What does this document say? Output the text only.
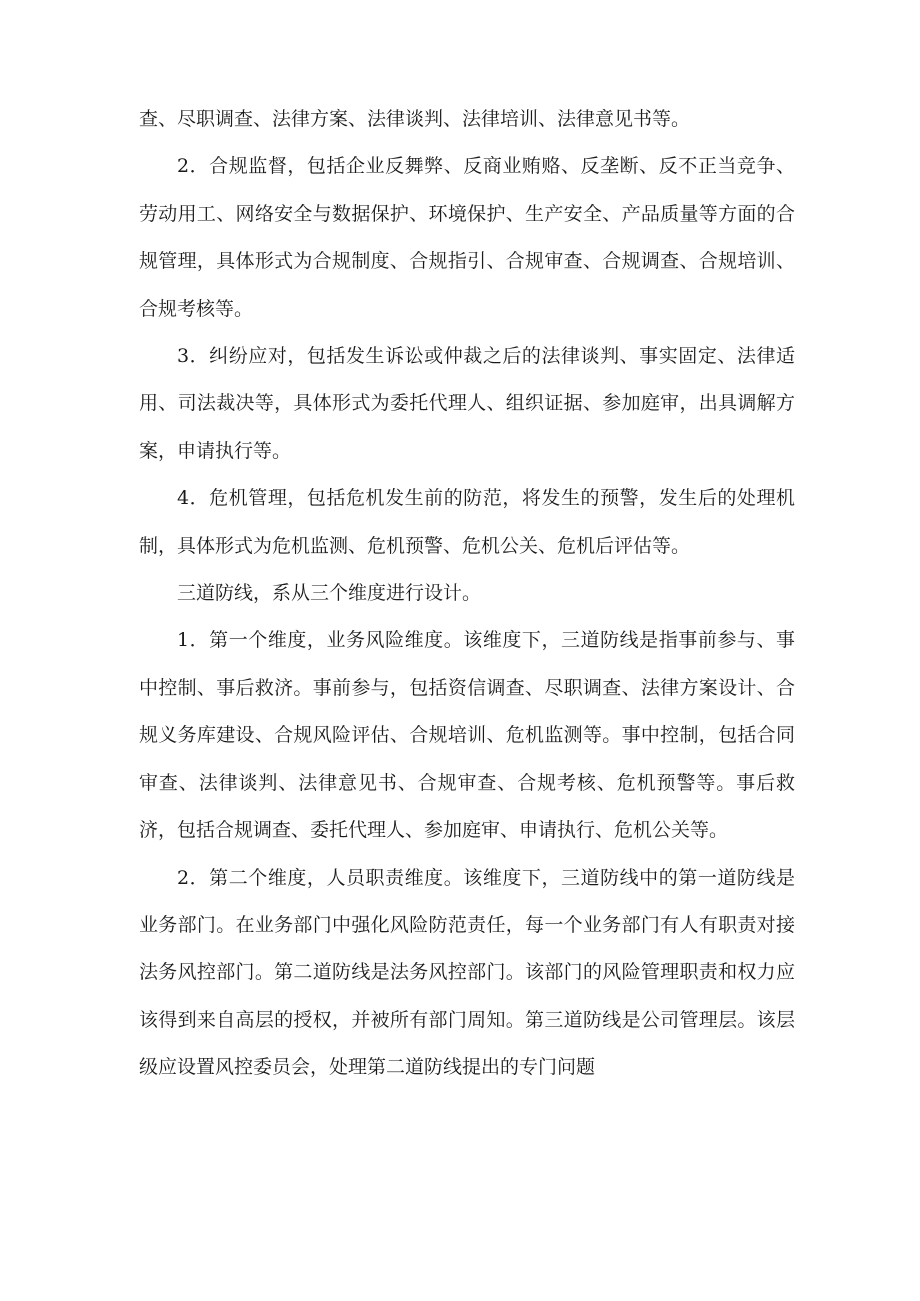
查、尽职调查、法律方案、法律谈判、法律培训、法律意见书等。

2．合规监督，包括企业反舞弊、反商业贿赂、反垄断、反不正当竞争、劳动用工、网络安全与数据保护、环境保护、生产安全、产品质量等方面的合规管理，具体形式为合规制度、合规指引、合规审查、合规调查、合规培训、合规考核等。

3．纠纷应对，包括发生诉讼或仲裁之后的法律谈判、事实固定、法律适用、司法裁决等，具体形式为委托代理人、组织证据、参加庭审，出具调解方案，申请执行等。

4．危机管理，包括危机发生前的防范，将发生的预警，发生后的处理机制，具体形式为危机监测、危机预警、危机公关、危机后评估等。

三道防线，系从三个维度进行设计。

1．第一个维度，业务风险维度。该维度下，三道防线是指事前参与、事中控制、事后救济。事前参与，包括资信调查、尽职调查、法律方案设计、合规义务库建设、合规风险评估、合规培训、危机监测等。事中控制，包括合同审查、法律谈判、法律意见书、合规审查、合规考核、危机预警等。事后救济，包括合规调查、委托代理人、参加庭审、申请执行、危机公关等。

2．第二个维度，人员职责维度。该维度下，三道防线中的第一道防线是业务部门。在业务部门中强化风险防范责任，每一个业务部门有人有职责对接法务风控部门。第二道防线是法务风控部门。该部门的风险管理职责和权力应该得到来自高层的授权，并被所有部门周知。第三道防线是公司管理层。该层级应设置风控委员会，处理第二道防线提出的专门问题
